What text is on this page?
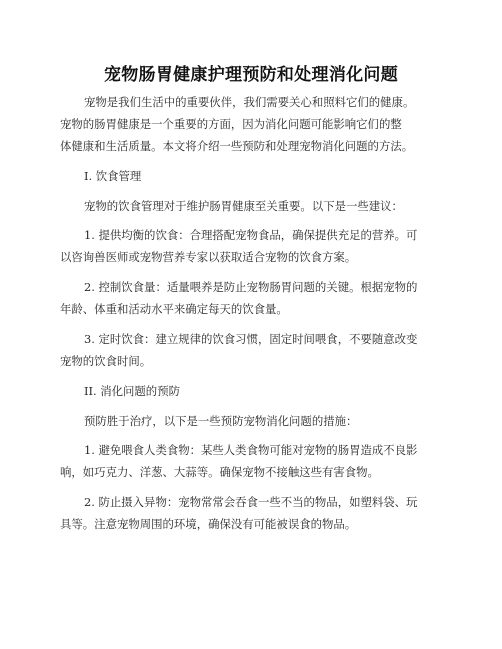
宠物肠胃健康护理预防和处理消化问题
宠物是我们生活中的重要伙伴，我们需要关心和照料它们的健康。
宠物的肠胃健康是一个重要的方面，因为消化问题可能影响它们的整
体健康和生活质量。本文将介绍一些预防和处理宠物消化问题的方法。
I. 饮食管理
宠物的饮食管理对于维护肠胃健康至关重要。以下是一些建议：
1. 提供均衡的饮食：合理搭配宠物食品，确保提供充足的营养。可
以咨询兽医师或宠物营养专家以获取适合宠物的饮食方案。
2. 控制饮食量：适量喂养是防止宠物肠胃问题的关键。根据宠物的
年龄、体重和活动水平来确定每天的饮食量。
3. 定时饮食：建立规律的饮食习惯，固定时间喂食，不要随意改变
宠物的饮食时间。
II. 消化问题的预防
预防胜于治疗，以下是一些预防宠物消化问题的措施：
1. 避免喂食人类食物：某些人类食物可能对宠物的肠胃造成不良影
响，如巧克力、洋葱、大蒜等。确保宠物不接触这些有害食物。
2. 防止摄入异物：宠物常常会吞食一些不当的物品，如塑料袋、玩
具等。注意宠物周围的环境，确保没有可能被误食的物品。
